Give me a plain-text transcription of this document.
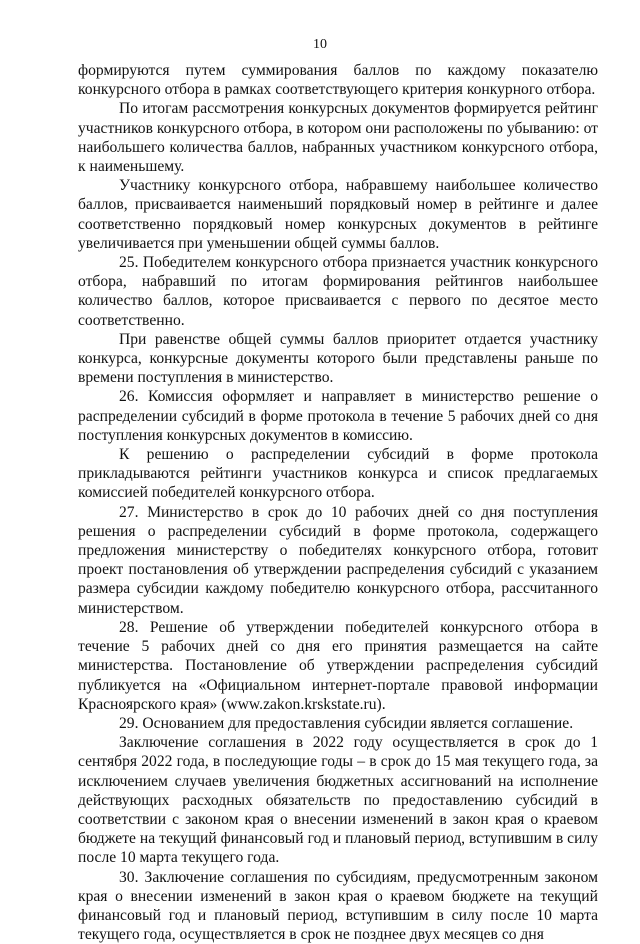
10

формируются путем суммирования баллов по каждому показателю конкурсного отбора в рамках соответствующего критерия конкурного отбора.

По итогам рассмотрения конкурсных документов формируется рейтинг участников конкурсного отбора, в котором они расположены по убыванию: от наибольшего количества баллов, набранных участником конкурсного отбора, к наименьшему.

Участнику конкурсного отбора, набравшему наибольшее количество баллов, присваивается наименьший порядковый номер в рейтинге и далее соответственно порядковый номер конкурсных документов в рейтинге увеличивается при уменьшении общей суммы баллов.

25. Победителем конкурсного отбора признается участник конкурсного отбора, набравший по итогам формирования рейтингов наибольшее количество баллов, которое присваивается с первого по десятое место соответственно.

При равенстве общей суммы баллов приоритет отдается участнику конкурса, конкурсные документы которого были представлены раньше по времени поступления в министерство.

26. Комиссия оформляет и направляет в министерство решение о распределении субсидий в форме протокола в течение 5 рабочих дней со дня поступления конкурсных документов в комиссию.

К решению о распределении субсидий в форме протокола прикладываются рейтинги участников конкурса и список предлагаемых комиссией победителей конкурсного отбора.

27. Министерство в срок до 10 рабочих дней со дня поступления решения о распределении субсидий в форме протокола, содержащего предложения министерству о победителях конкурсного отбора, готовит проект постановления об утверждении распределения субсидий с указанием размера субсидии каждому победителю конкурсного отбора, рассчитанного министерством.

28. Решение об утверждении победителей конкурсного отбора в течение 5 рабочих дней со дня его принятия размещается на сайте министерства. Постановление об утверждении распределения субсидий публикуется на «Официальном интернет-портале правовой информации Красноярского края» (www.zakon.krskstate.ru).

29. Основанием для предоставления субсидии является соглашение.

Заключение соглашения в 2022 году осуществляется в срок до 1 сентября 2022 года, в последующие годы – в срок до 15 мая текущего года, за исключением случаев увеличения бюджетных ассигнований на исполнение действующих расходных обязательств по предоставлению субсидий в соответствии с законом края о внесении изменений в закон края о краевом бюджете на текущий финансовый год и плановый период, вступившим в силу после 10 марта текущего года.

30. Заключение соглашения по субсидиям, предусмотренным законом края о внесении изменений в закон края о краевом бюджете на текущий финансовый год и плановый период, вступившим в силу после 10 марта текущего года, осуществляется в срок не позднее двух месяцев со дня
